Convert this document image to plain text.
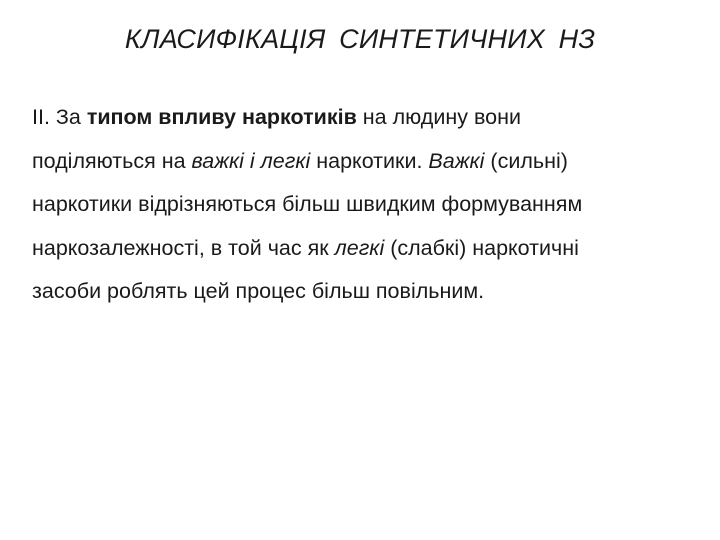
КЛАСИФІКАЦІЯ СИНТЕТИЧНИХ НЗ
ІІ. За типом впливу наркотиків на людину вони
поділяються на важкі і легкі наркотики. Важкі (сильні)
наркотики відрізняються більш швидким формуванням
наркозалежності, в той час як легкі (слабкі) наркотичні
засоби роблять цей процес більш повільним.
